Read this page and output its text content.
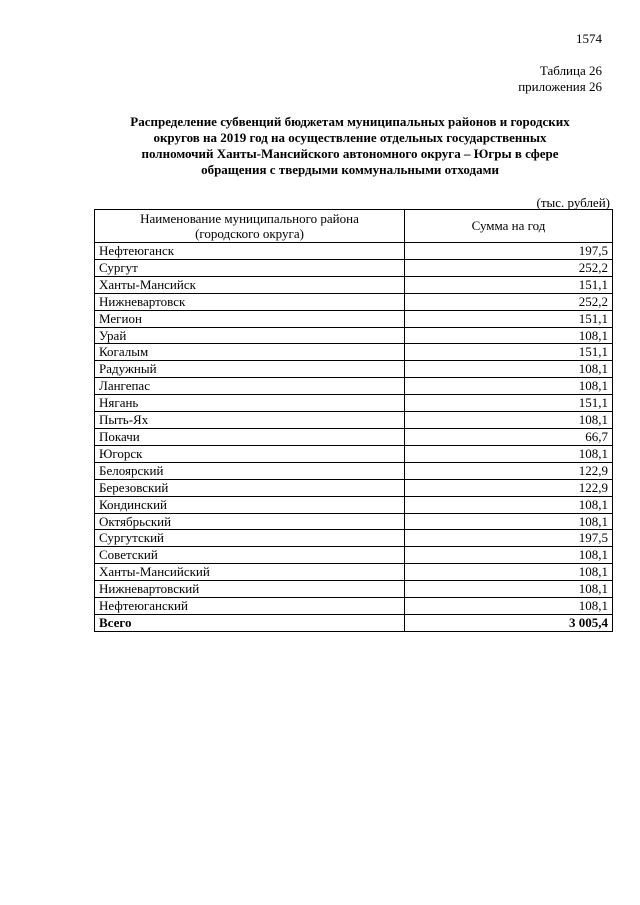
1574
Таблица 26
приложения 26
Распределение субвенций бюджетам муниципальных районов и городских
округов на 2019 год на осуществление отдельных государственных
полномочий Ханты-Мансийского автономного округа – Югры в сфере
обращения с твердыми коммунальными отходами
(тыс. рублей)
Наименование муниципального района
(городского округа)	Сумма на год
Нефтеюганск	197,5
Сургут	252,2
Ханты-Мансийск	151,1
Нижневартовск	252,2
Мегион	151,1
Урай	108,1
Когалым	151,1
Радужный	108,1
Лангепас	108,1
Нягань	151,1
Пыть-Ях	108,1
Покачи	66,7
Югорск	108,1
Белоярский	122,9
Березовский	122,9
Кондинский	108,1
Октябрьский	108,1
Сургутский	197,5
Советский	108,1
Ханты-Мансийский	108,1
Нижневартовский	108,1
Нефтеюганский	108,1
Всего	3 005,4
